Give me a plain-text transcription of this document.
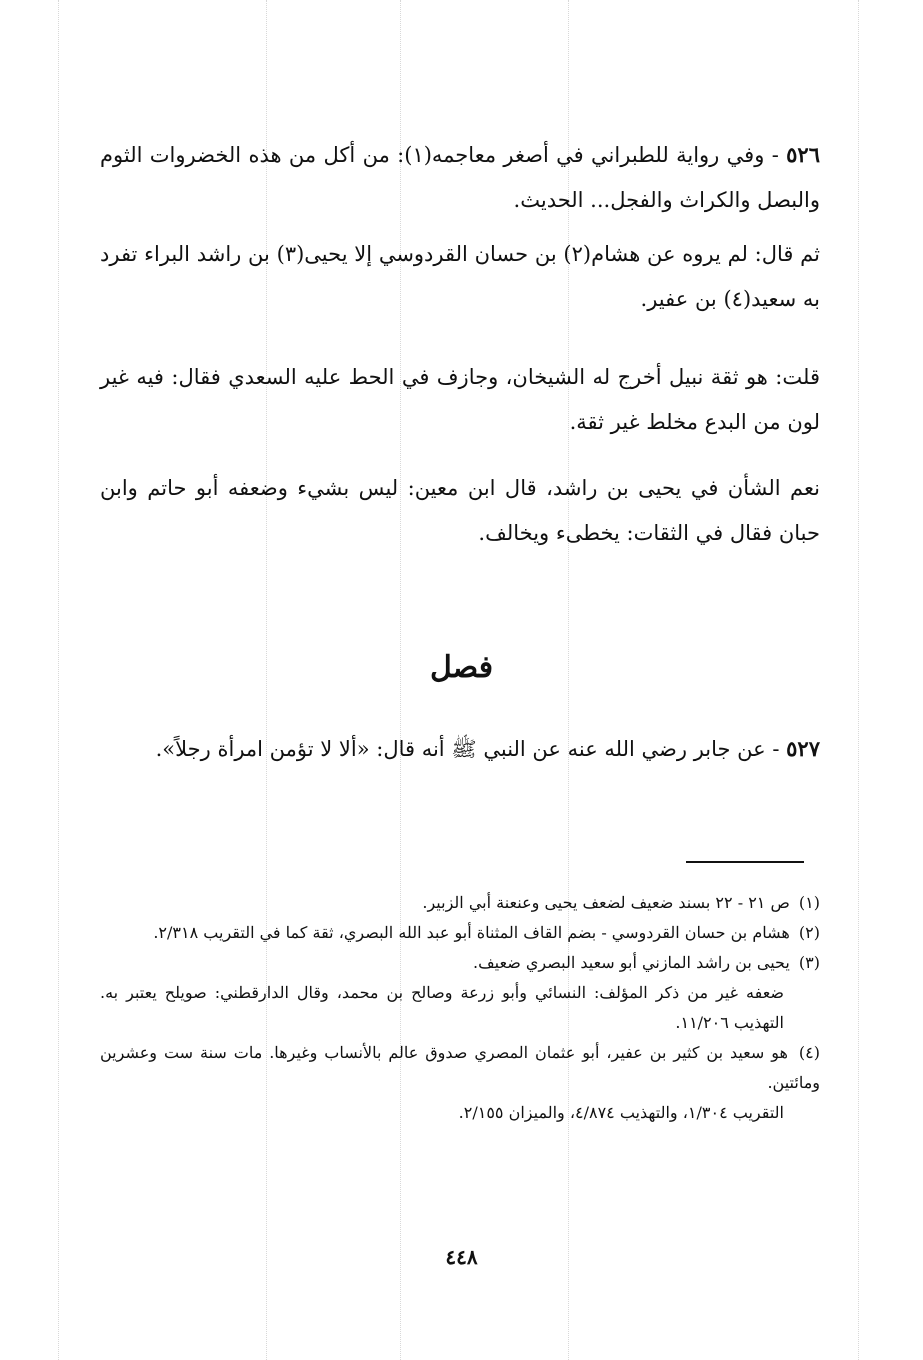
٥٢٦ - وفي رواية للطبراني في أصغر معاجمه(١): من أكل من هذه الخضروات الثوم والبصل والكراث والفجل... الحديث.

ثم قال: لم يروه عن هشام(٢) بن حسان القردوسي إلا يحيى(٣) بن راشد البراء تفرد به سعيد(٤) بن عفير.

قلت: هو ثقة نبيل أخرج له الشيخان، وجازف في الحط عليه السعدي فقال: فيه غير لون من البدع مخلط غير ثقة.

نعم الشأن في يحيى بن راشد، قال ابن معين: ليس بشيء وضعفه أبو حاتم وابن حبان فقال في الثقات: يخطىء ويخالف.

فصل

٥٢٧ - عن جابر رضي الله عنه عن النبي ﷺ أنه قال: «ألا لا تؤمن امرأة رجلاً».

(١) ص ٢١ - ٢٢ بسند ضعيف لضعف يحيى وعنعنة أبي الزبير.

(٢) هشام بن حسان القردوسي - بضم القاف المثناة أبو عبد الله البصري، ثقة كما في التقريب ٢/٣١٨.

(٣) يحيى بن راشد المازني أبو سعيد البصري ضعيف.

ضعفه غير من ذكر المؤلف: النسائي وأبو زرعة وصالح بن محمد، وقال الدارقطني: صويلح يعتبر به. التهذيب ١١/٢٠٦.

(٤) هو سعيد بن كثير بن عفير، أبو عثمان المصري صدوق عالم بالأنساب وغيرها. مات سنة ست وعشرين ومائتين.

التقريب ١/٣٠٤، والتهذيب ٤/٨٧٤، والميزان ٢/١٥٥.

٤٤٨
